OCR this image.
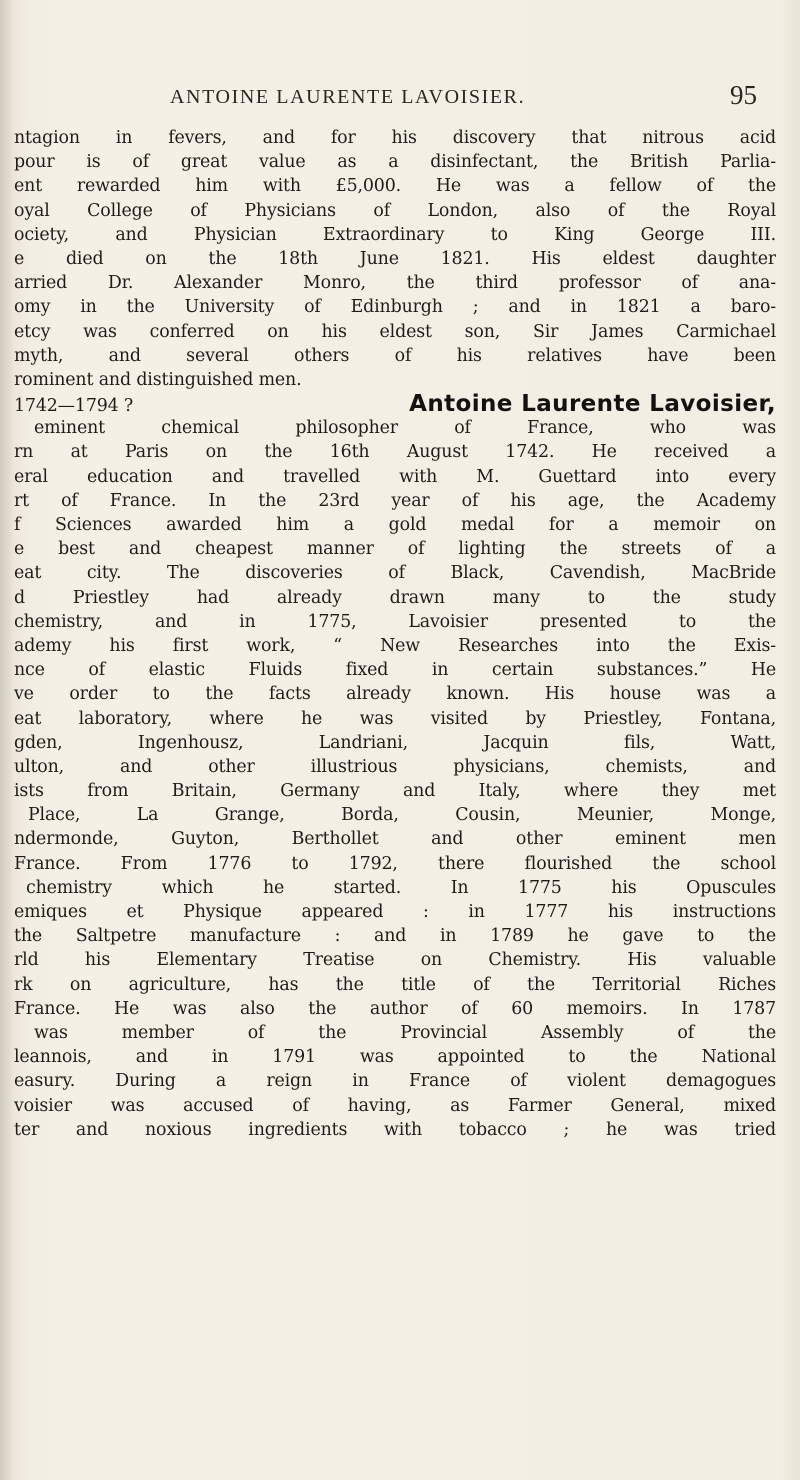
ANTOINE LAURENTE LAVOISIER.	95
ntagion in fevers, and for his discovery that nitrous acid
pour is of great value as a disinfectant, the British Parlia-
ent rewarded him with £5,000. He was a fellow of the
oyal College of Physicians of London, also of the Royal
ociety, and Physician Extraordinary to King George III.
e died on the 18th June 1821. His eldest daughter
arried Dr. Alexander Monro, the third professor of ana-
omy in the University of Edinburgh ; and in 1821 a baro-
etcy was conferred on his eldest son, Sir James Carmichael
myth, and several others of his relatives have been
rominent and distinguished men.
1742—1794 ?	Antoine Laurente Lavoisier,
eminent chemical philosopher of France, who was
rn at Paris on the 16th August 1742. He received a
eral education and travelled with M. Guettard into every
rt of France. In the 23rd year of his age, the Academy
f Sciences awarded him a gold medal for a memoir on
e best and cheapest manner of lighting the streets of a
eat city. The discoveries of Black, Cavendish, MacBride
d Priestley had already drawn many to the study
chemistry, and in 1775, Lavoisier presented to the
ademy his first work, “ New Researches into the Exis-
nce of elastic Fluids fixed in certain substances.” He
ve order to the facts already known. His house was a
eat laboratory, where he was visited by Priestley, Fontana,
gden, Ingenhousz, Landriani, Jacquin fils, Watt,
ulton, and other illustrious physicians, chemists, and
ists from Britain, Germany and Italy, where they met
Place, La Grange, Borda, Cousin, Meunier, Monge,
ndermonde, Guyton, Berthollet and other eminent men
France. From 1776 to 1792, there flourished the school
chemistry which he started. In 1775 his Opuscules
emiques et Physique appeared : in 1777 his instructions
the Saltpetre manufacture : and in 1789 he gave to the
rld his Elementary Treatise on Chemistry. His valuable
rk on agriculture, has the title of the Territorial Riches
France. He was also the author of 60 memoirs. In 1787
was member of the Provincial Assembly of the
leannois, and in 1791 was appointed to the National
easury. During a reign in France of violent demagogues
voisier was accused of having, as Farmer General, mixed
ter and noxious ingredients with tobacco ; he was tried
